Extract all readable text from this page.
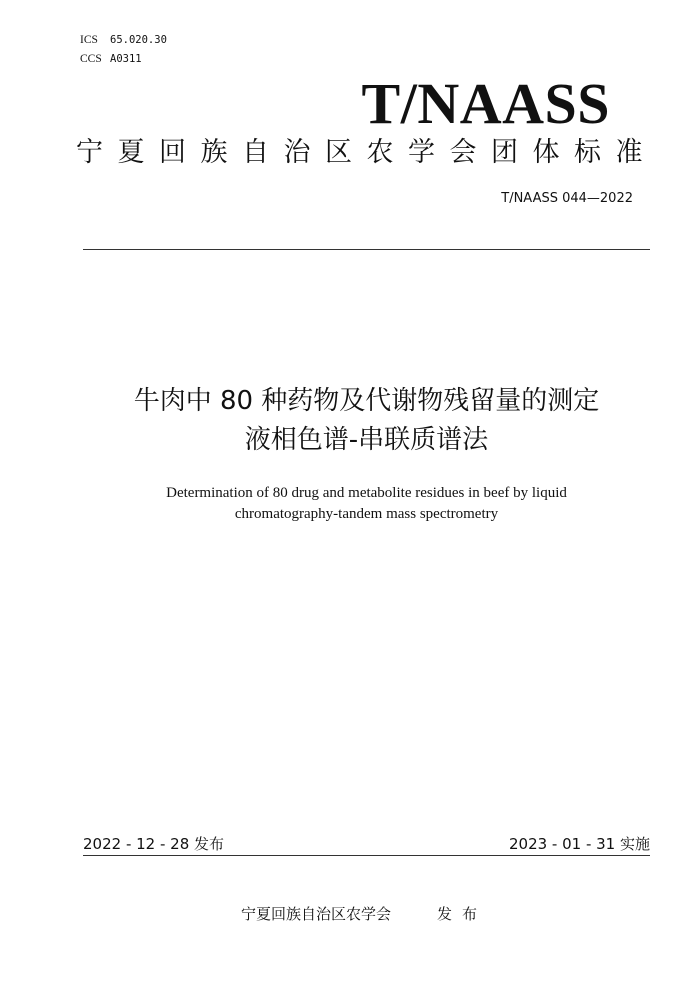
ICS 65.020.30
CCS A0311
T/NAASS
宁夏回族自治区农学会团体标准
T/NAASS 044—2022
牛肉中 80 种药物及代谢物残留量的测定
液相色谱-串联质谱法
Determination of 80 drug and metabolite residues in beef by liquid
chromatography-tandem mass spectrometry
2022 - 12 - 28 发布	2023 - 01 - 31 实施
宁夏回族自治区农学会	发布
